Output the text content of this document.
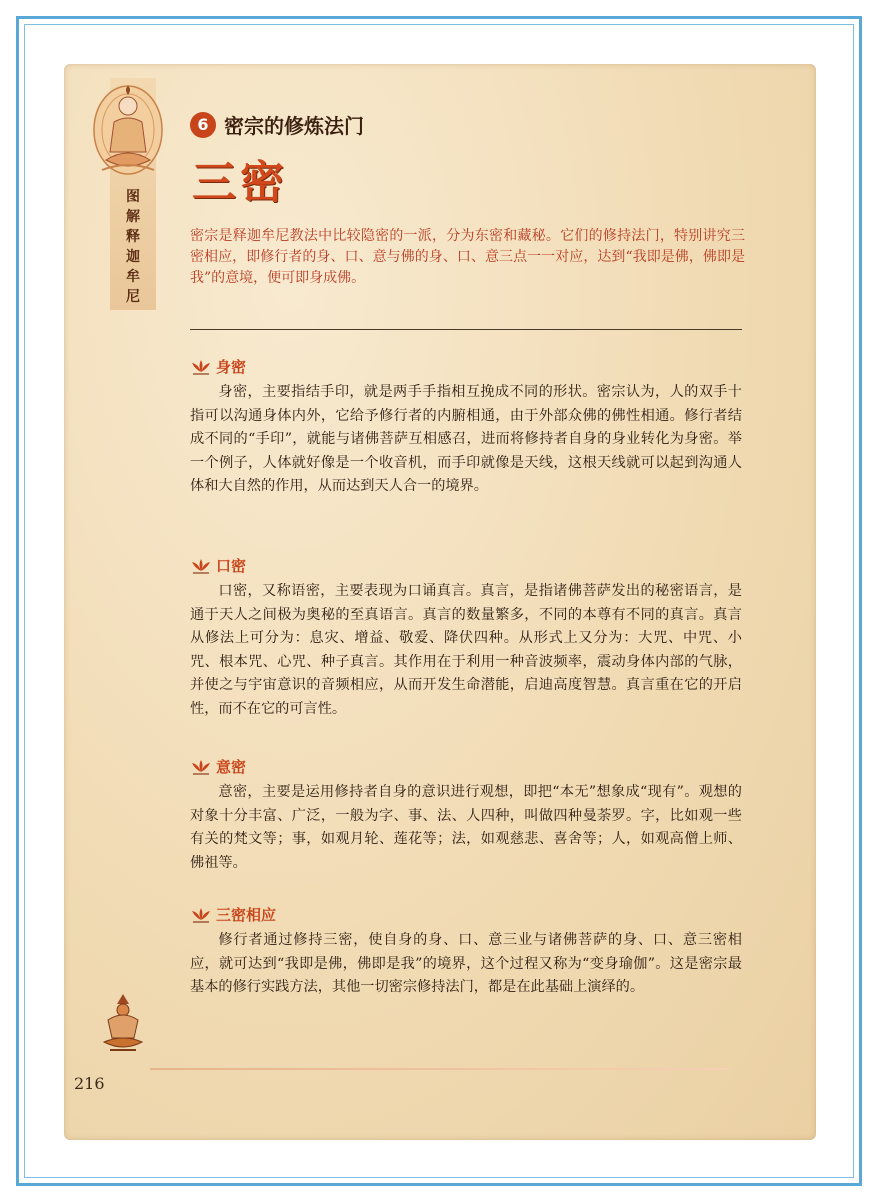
图
解
释
迦
牟
尼
6 密宗的修炼法门
三密
密宗是释迦牟尼教法中比较隐密的一派，分为东密和藏秘。它们的修持法门，特别讲究三密相应，即修行者的身、口、意与佛的身、口、意三点一一对应，达到“我即是佛，佛即是我”的意境，便可即身成佛。
身密
身密，主要指结手印，就是两手手指相互挽成不同的形状。密宗认为，人的双手十指可以沟通身体内外，它给予修行者的内腑相通，由于外部众佛的佛性相通。修行者结成不同的“手印”，就能与诸佛菩萨互相感召，进而将修持者自身的身业转化为身密。举一个例子，人体就好像是一个收音机，而手印就像是天线，这根天线就可以起到沟通人体和大自然的作用，从而达到天人合一的境界。
口密
口密，又称语密，主要表现为口诵真言。真言，是指诸佛菩萨发出的秘密语言，是通于天人之间极为奥秘的至真语言。真言的数量繁多，不同的本尊有不同的真言。真言从修法上可分为：息灾、增益、敬爱、降伏四种。从形式上又分为：大咒、中咒、小咒、根本咒、心咒、种子真言。其作用在于利用一种音波频率，震动身体内部的气脉，并使之与宇宙意识的音频相应，从而开发生命潜能，启迪高度智慧。真言重在它的开启性，而不在它的可言性。
意密
意密，主要是运用修持者自身的意识进行观想，即把“本无”想象成“现有”。观想的对象十分丰富、广泛，一般为字、事、法、人四种，叫做四种曼荼罗。字，比如观一些有关的梵文等；事，如观月轮、莲花等；法，如观慈悲、喜舍等；人，如观高僧上师、佛祖等。
三密相应
修行者通过修持三密，使自身的身、口、意三业与诸佛菩萨的身、口、意三密相应，就可达到“我即是佛，佛即是我”的境界，这个过程又称为“变身瑜伽”。这是密宗最基本的修行实践方法，其他一切密宗修持法门，都是在此基础上演绎的。
216
